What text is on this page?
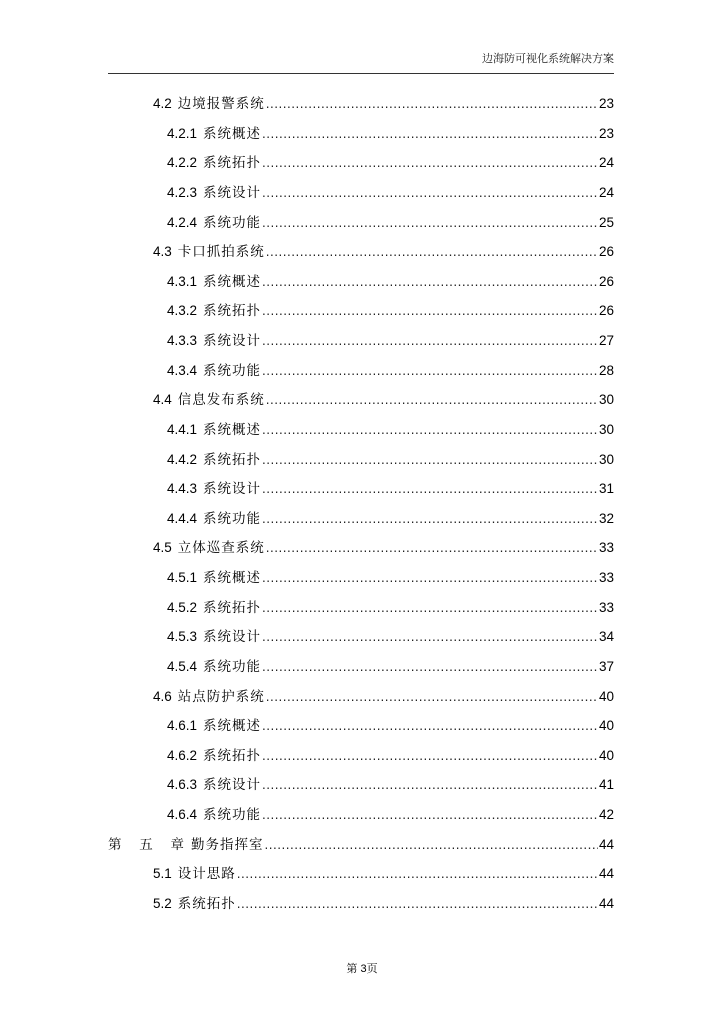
边海防可视化系统解决方案
4.2 边境报警系统 .....	23
4.2.1 系统概述 .....	23
4.2.2 系统拓扑 .....	24
4.2.3 系统设计 .....	24
4.2.4 系统功能 .....	25
4.3 卡口抓拍系统 .....	26
4.3.1 系统概述 .....	26
4.3.2 系统拓扑 .....	26
4.3.3 系统设计 .....	27
4.3.4 系统功能 .....	28
4.4 信息发布系统 .....	30
4.4.1 系统概述 .....	30
4.4.2 系统拓扑 .....	30
4.4.3 系统设计 .....	31
4.4.4 系统功能 .....	32
4.5 立体巡查系统 .....	33
4.5.1 系统概述 .....	33
4.5.2 系统拓扑 .....	33
4.5.3 系统设计 .....	34
4.5.4 系统功能 .....	37
4.6 站点防护系统 .....	40
4.6.1 系统概述 .....	40
4.6.2 系统拓扑 .....	40
4.6.3 系统设计 .....	41
4.6.4 系统功能 .....	42
第 五 章 勤务指挥室 .....	44
5.1 设计思路 .....	44
5.2 系统拓扑 .....	44
第 3页
